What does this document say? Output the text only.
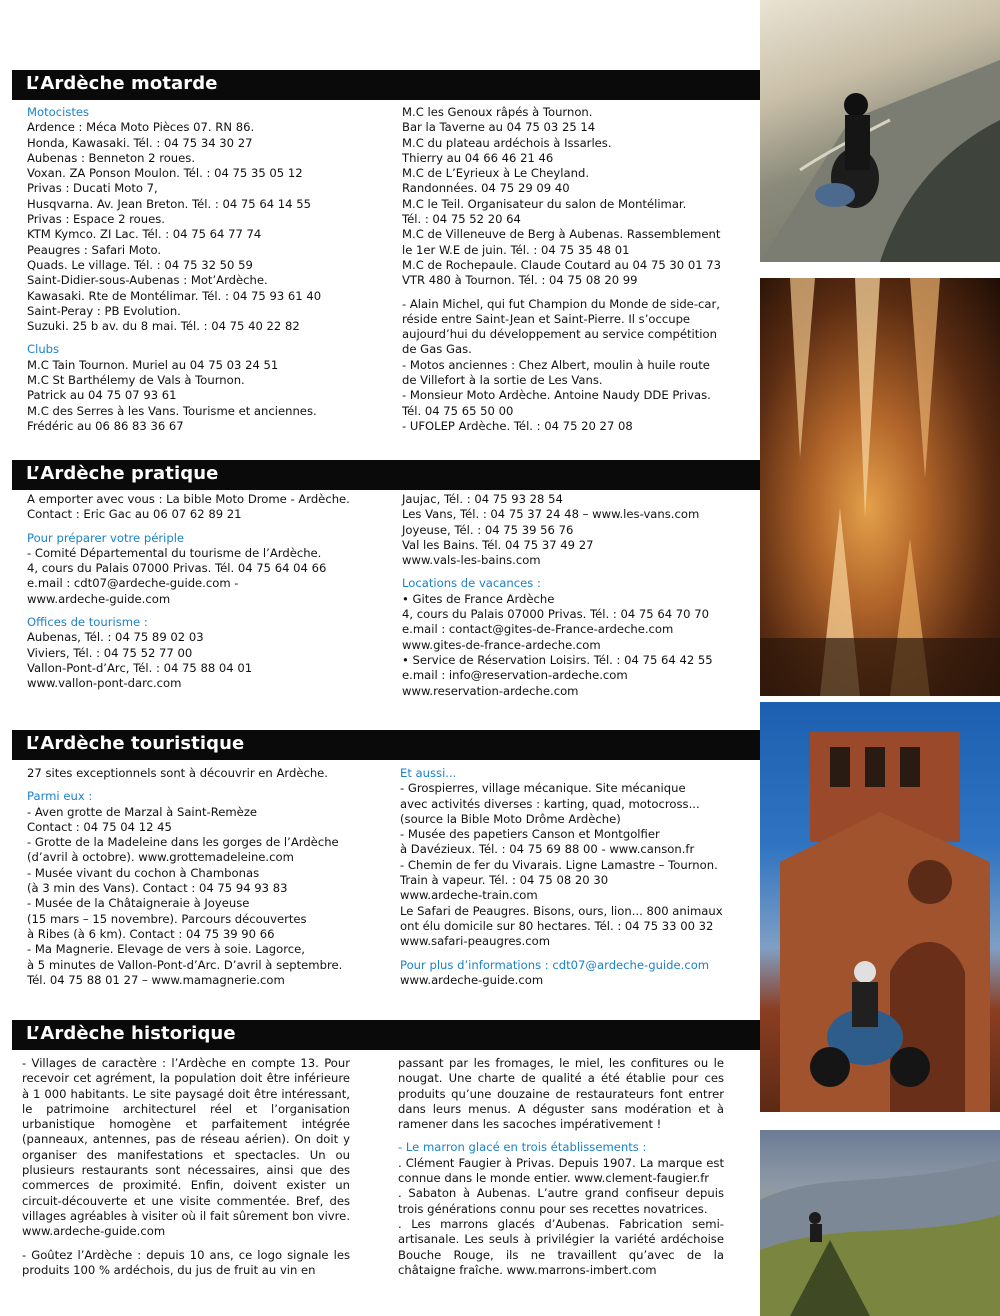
L’Ardèche motarde

Motocistes

Ardence : Méca Moto Pièces 07. RN 86.

Honda, Kawasaki. Tél. : 04 75 34 30 27

Aubenas : Benneton 2 roues.

Voxan. ZA Ponson Moulon. Tél. : 04 75 35 05 12

Privas : Ducati Moto 7,

Husqvarna. Av. Jean Breton. Tél. : 04 75 64 14 55

Privas : Espace 2 roues.

KTM Kymco. ZI Lac. Tél. : 04 75 64 77 74

Peaugres : Safari Moto.

Quads. Le village. Tél. : 04 75 32 50 59

Saint-Didier-sous-Aubenas : Mot’Ardèche.

Kawasaki. Rte de Montélimar. Tél. : 04 75 93 61 40

Saint-Peray : PB Evolution.

Suzuki. 25 b av. du 8 mai. Tél. : 04 75 40 22 82

Clubs

M.C Tain Tournon. Muriel au 04 75 03 24 51

M.C St Barthélemy de Vals à Tournon.

Patrick au 04 75 07 93 61

M.C des Serres à les Vans. Tourisme et anciennes.

Frédéric au 06 86 83 36 67

M.C les Genoux râpés à Tournon.

Bar la Taverne au 04 75 03 25 14

M.C du plateau ardéchois à Issarles.

Thierry au 04 66 46 21 46

M.C de L’Eyrieux à Le Cheyland.

Randonnées. 04 75 29 09 40

M.C le Teil. Organisateur du salon de Montélimar.

Tél. : 04 75 52 20 64

M.C de Villeneuve de Berg à Aubenas. Rassemblement

le 1er W.E de juin. Tél. : 04 75 35 48 01

M.C de Rochepaule. Claude Coutard au 04 75 30 01 73

VTR 480 à Tournon. Tél. : 04 75 08 20 99

- Alain Michel, qui fut Champion du Monde de side-car,

réside entre Saint-Jean et Saint-Pierre. Il s’occupe

aujourd’hui du développement au service compétition

de Gas Gas.

- Motos anciennes : Chez Albert, moulin à huile route

de Villefort à la sortie de Les Vans.

- Monsieur Moto Ardèche. Antoine Naudy DDE Privas.

Tél. 04 75 65 50 00

- UFOLEP Ardèche. Tél. : 04 75 20 27 08

L’Ardèche pratique

A emporter avec vous : La bible Moto Drome - Ardèche.

Contact : Eric Gac au 06 07 62 89 21

Pour préparer votre périple

- Comité Départemental du tourisme de l’Ardèche.

4, cours du Palais 07000 Privas. Tél. 04 75 64 04 66

e.mail : cdt07@ardeche-guide.com -

www.ardeche-guide.com

Offices de tourisme :

Aubenas, Tél. : 04 75 89 02 03

Viviers, Tél. : 04 75 52 77 00

Vallon-Pont-d’Arc, Tél. : 04 75 88 04 01

www.vallon-pont-darc.com

Jaujac, Tél. : 04 75 93 28 54

Les Vans, Tél. : 04 75 37 24 48 – www.les-vans.com

Joyeuse, Tél. : 04 75 39 56 76

Val les Bains. Tél. 04 75 37 49 27

www.vals-les-bains.com

Locations de vacances :

• Gites de France Ardèche

4, cours du Palais 07000 Privas. Tél. : 04 75 64 70 70

e.mail : contact@gites-de-France-ardeche.com

www.gites-de-france-ardeche.com

• Service de Réservation Loisirs. Tél. : 04 75 64 42 55

e.mail : info@reservation-ardeche.com

www.reservation-ardeche.com

L’Ardèche touristique

27 sites exceptionnels sont à découvrir en Ardèche.

Parmi eux :

- Aven grotte de Marzal à Saint-Remèze

Contact : 04 75 04 12 45

- Grotte de la Madeleine dans les gorges de l’Ardèche

(d’avril à octobre). www.grottemadeleine.com

- Musée vivant du cochon à Chambonas

(à 3 min des Vans). Contact : 04 75 94 93 83

- Musée de la Châtaigneraie à Joyeuse

(15 mars – 15 novembre). Parcours découvertes

à Ribes (à 6 km). Contact : 04 75 39 90 66

- Ma Magnerie. Elevage de vers à soie. Lagorce,

à 5 minutes de Vallon-Pont-d’Arc. D’avril à septembre.

Tél. 04 75 88 01 27 – www.mamagnerie.com

Et aussi...

- Grospierres, village mécanique. Site mécanique

avec activités diverses : karting, quad, motocross...

(source la Bible Moto Drôme Ardèche)

- Musée des papetiers Canson et Montgolfier

à Davézieux. Tél. : 04 75 69 88 00 - www.canson.fr

- Chemin de fer du Vivarais. Ligne Lamastre – Tournon.

Train à vapeur. Tél. : 04 75 08 20 30

www.ardeche-train.com

Le Safari de Peaugres. Bisons, ours, lion... 800 animaux

ont élu domicile sur 80 hectares. Tél. : 04 75 33 00 32

www.safari-peaugres.com

Pour plus d’informations : cdt07@ardeche-guide.com

www.ardeche-guide.com

L’Ardèche historique

- Villages de caractère : l’Ardèche en compte 13. Pour recevoir cet agrément, la population doit être inférieure à 1 000 habitants. Le site paysagé doit être intéressant, le patrimoine architecturel réel et l’organisation urbanistique homogène et parfaitement intégrée (panneaux, antennes, pas de réseau aérien). On doit y organiser des manifestations et spectacles. Un ou plusieurs restaurants sont nécessaires, ainsi que des commerces de proximité. Enfin, doivent exister un circuit-découverte et une visite commentée. Bref, des villages agréables à visiter où il fait sûrement bon vivre. www.ardeche-guide.com

- Goûtez l’Ardèche : depuis 10 ans, ce logo signale les produits 100 % ardéchois, du jus de fruit au vin en

passant par les fromages, le miel, les confitures ou le nougat. Une charte de qualité a été établie pour ces produits qu’une douzaine de restaurateurs font entrer dans leurs menus. A déguster sans modération et à ramener dans les sacoches impérativement !

- Le marron glacé en trois établissements :

. Clément Faugier à Privas. Depuis 1907. La marque est connue dans le monde entier. www.clement-faugier.fr

. Sabaton à Aubenas. L’autre grand confiseur depuis trois générations connu pour ses recettes novatrices.

. Les marrons glacés d’Aubenas. Fabrication semi-artisanale. Les seuls à privilégier la variété ardéchoise Bouche Rouge, ils ne travaillent qu’avec de la châtaigne fraîche. www.marrons-imbert.com
